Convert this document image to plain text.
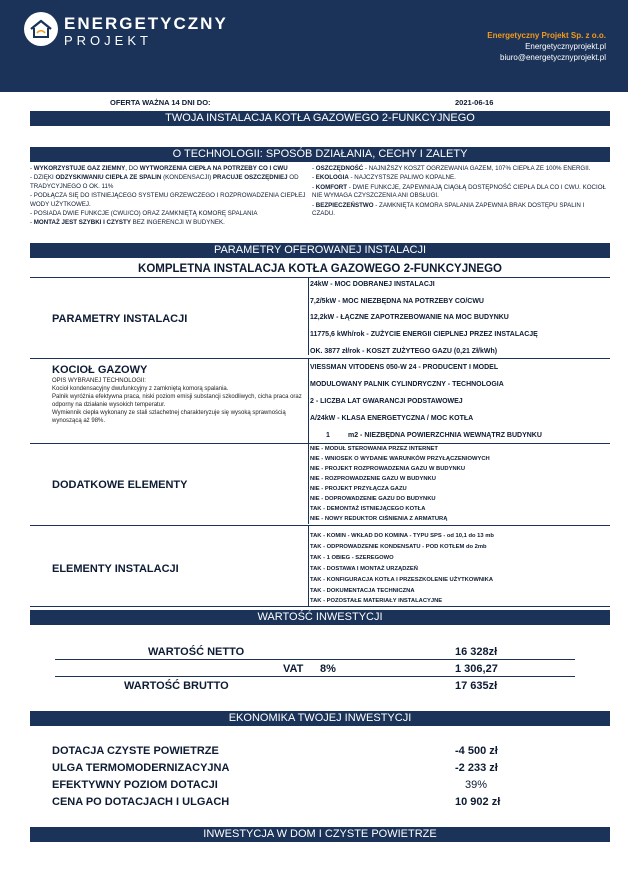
ENERGETYCZNY
PROJEKT	Energetyczny Projekt Sp. z o.o.
Energetycznyprojekt.pl
biuro@energetycznyprojekt.pl
OFERTA WAŻNA 14 DNI DO:	2021-06-16
TWOJA INSTALACJA KOTŁA GAZOWEGO 2-FUNKCYJNEGO
O TECHNOLOGII: SPOSÓB DZIAŁANIA, CECHY I ZALETY
- WYKORZYSTUJE GAZ ZIEMNY, DO WYTWORZENIA CIEPŁA NA POTRZEBY CO I CWU
- DZIĘKI ODZYSKIWANIU CIEPŁA ZE SPALIN (KONDENSACJI) PRACUJE OSZCZĘDNIEJ OD TRADYCYJNEGO O OK. 11%
- PODŁĄCZA SIĘ DO ISTNIEJĄCEGO SYSTEMU GRZEWCZEGO I ROZPROWADZENIA CIEPŁEJ WODY UŻYTKOWEJ.
- POSIADA DWIE FUNKCJE (CWU/CO) ORAZ ZAMKNIĘTĄ KOMORĘ SPALANIA
- MONTAŻ JEST SZYBKI I CZYSTY BEZ INGERENCJI W BUDYNEK.
- OSZCZĘDNOŚĆ - NAJNIŻSZY KOSZT OGRZEWANIA GAZEM, 107% CIEPŁA ZE 100% ENERGII.
- EKOLOGIA - NAJCZYSTSZE PALIWO KOPALNE.
- KOMFORT - DWIE FUNKCJE, ZAPEWNIAJĄ CIĄGŁĄ DOSTĘPNOŚĆ CIEPŁA DLA CO I CWU. KOCIOŁ NIE WYMAGA CZYSZCZENIA ANI OBSŁUGI.
- BEZPIECZEŃSTWO - ZAMKNIĘTA KOMORA SPALANIA ZAPEWNIA BRAK DOSTĘPU SPALIN I CZADU.
PARAMETRY OFEROWANEJ INSTALACJI
KOMPLETNA INSTALACJA KOTŁA GAZOWEGO 2-FUNKCYJNEGO
PARAMETRY INSTALACJI
24kW - MOC DOBRANEJ INSTALACJI
7,2/5kW - MOC NIEZBĘDNA NA POTRZEBY CO/CWU
12,2kW - ŁĄCZNE ZAPOTRZEBOWANIE NA MOC BUDYNKU
11775,6 kWh/rok - ZUŻYCIE ENERGII CIEPLNEJ PRZEZ INSTALACJĘ
OK. 3877 zł/rok - KOSZT ZUŻYTEGO GAZU (0,21 Zł/kWh)
KOCIOŁ GAZOWY
OPIS WYBRANEJ TECHNOLOGII:
Kocioł kondensacyjny dwufunkcyjny z zamkniętą komorą spalania.
Palnik wyróżnia efektywna praca, niski poziom emisji substancji szkodliwych, cicha praca oraz odporny na działanie wysokich temperatur.
Wymiennik ciepła wykonany ze stali szlachetnej charakteryzuje się wysoką sprawnością wynoszącą aż 98%.
VIESSMAN VITODENS 050-W 24 - PRODUCENT I MODEL
MODULOWANY PALNIK CYLINDRYCZNY - TECHNOLOGIA
2 - LICZBA LAT GWARANCJI PODSTAWOWEJ
A/24kW - KLASA ENERGETYCZNA / MOC KOTŁA
1	m2 - NIEZBĘDNA POWIERZCHNIA WEWNĄTRZ BUDYNKU
DODATKOWE ELEMENTY
NIE - MODUŁ STEROWANIA PRZEZ INTERNET
NIE - WNIOSEK O WYDANIE WARUNKÓW PRZYŁĄCZENIOWYCH
NIE - PROJEKT ROZPROWADZENIA GAZU W BUDYNKU
NIE - ROZPROWADZENIE GAZU W BUDYNKU
NIE - PROJEKT PRZYŁĄCZA GAZU
NIE - DOPROWADZENIE GAZU DO BUDYNKU
TAK - DEMONTAŻ ISTNIEJĄCEGO KOTŁA
NIE - NOWY REDUKTOR CIŚNIENIA Z ARMATURĄ
ELEMENTY INSTALACJI
TAK - KOMIN - WKŁAD DO KOMINA - TYPU SPS - od 10,1 do 13 mb
TAK - ODPROWADZENIE KONDENSATU - POD KOTŁEM do 2mb
TAK - 1 OBIEG - SZEREGOWO
TAK - DOSTAWA I MONTAŻ URZĄDZEŃ
TAK - KONFIGURACJA KOTŁA I PRZESZKOLENIE UŻYTKOWNIKA
TAK - DOKUMENTACJA TECHNICZNA
TAK - POZOSTAŁE MATERIAŁY INSTALACYJNE
WARTOŚĆ INWESTYCJI
WARTOŚĆ NETTO	16 328zł
VAT 8%	1 306,27
WARTOŚĆ BRUTTO	17 635zł
EKONOMIKA TWOJEJ INWESTYCJI
DOTACJA CZYSTE POWIETRZE	-4 500 zł
ULGA TERMOMODERNIZACYJNA	-2 233 zł
EFEKTYWNY POZIOM DOTACJI	39%
CENA PO DOTACJACH I ULGACH	10 902 zł
INWESTYCJA W DOM I CZYSTE POWIETRZE
